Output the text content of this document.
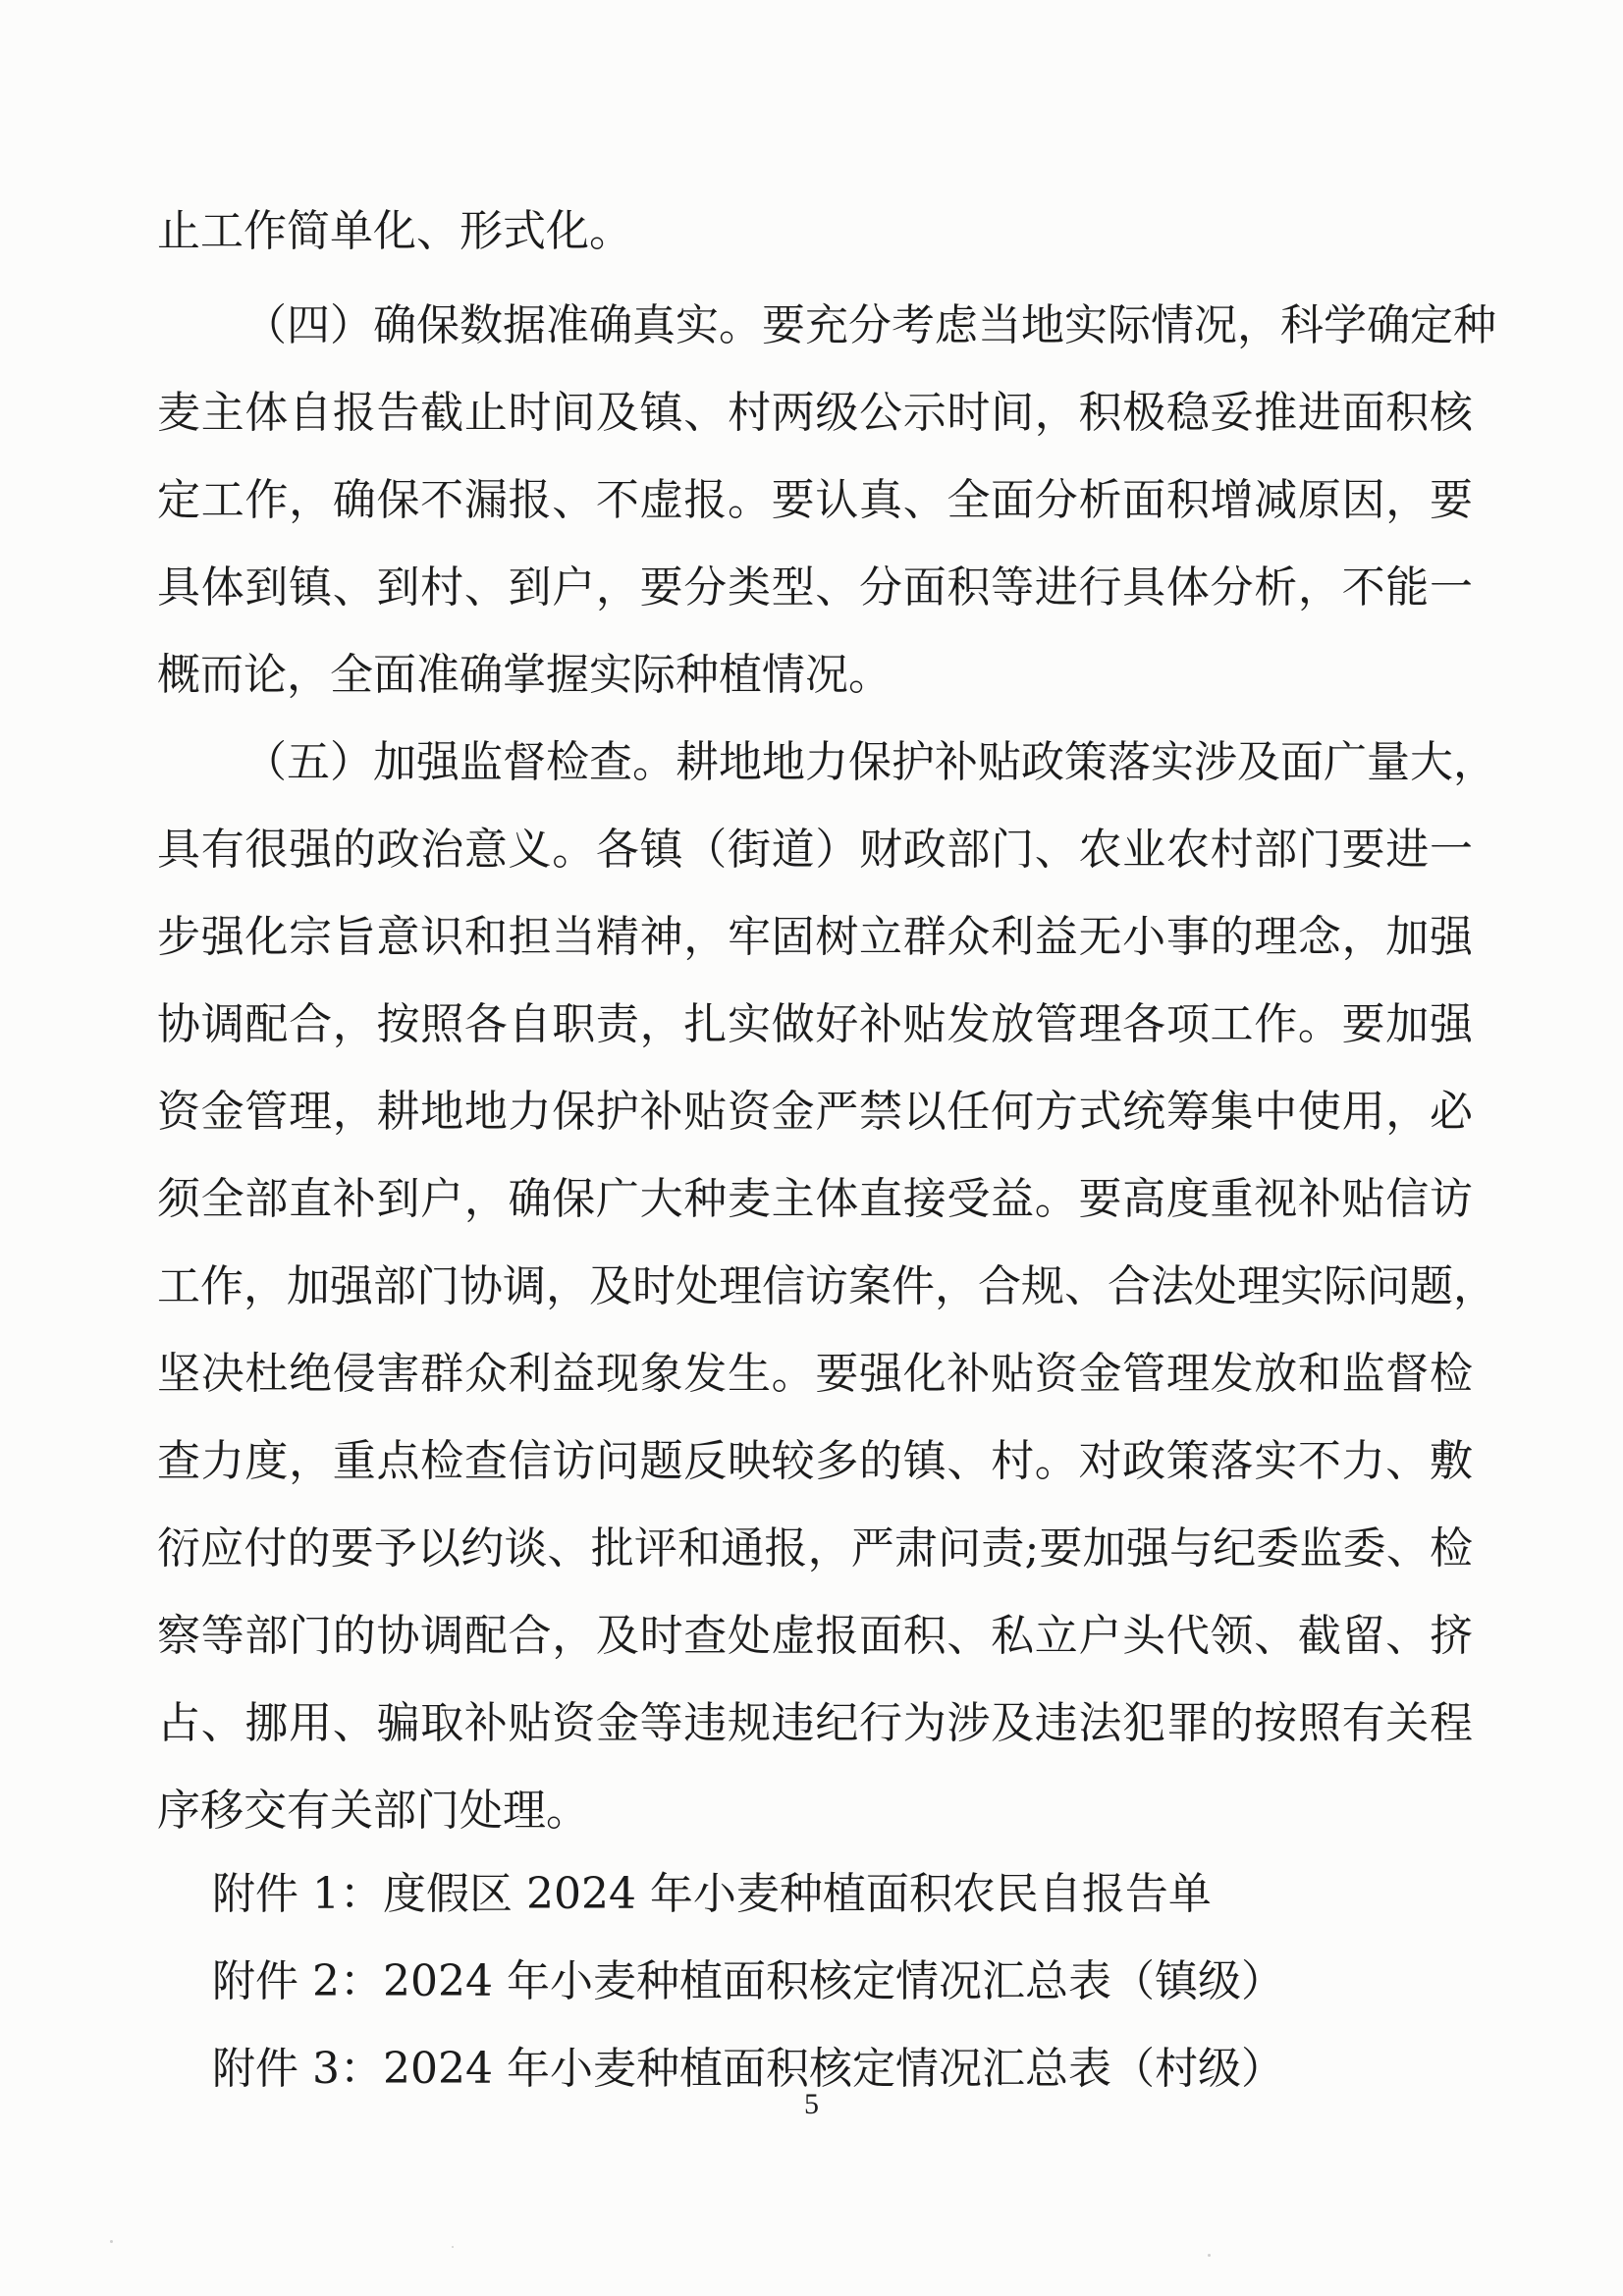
止工作简单化、形式化。
（四）确保数据准确真实。要充分考虑当地实际情况，科学确定种
麦主体自报告截止时间及镇、村两级公示时间，积极稳妥推进面积核
定工作，确保不漏报、不虚报。要认真、全面分析面积增减原因，要
具体到镇、到村、到户，要分类型、分面积等进行具体分析，不能一
概而论，全面准确掌握实际种植情况。
（五）加强监督检查。耕地地力保护补贴政策落实涉及面广量大，
具有很强的政治意义。各镇（街道）财政部门、农业农村部门要进一
步强化宗旨意识和担当精神，牢固树立群众利益无小事的理念，加强
协调配合，按照各自职责，扎实做好补贴发放管理各项工作。要加强
资金管理，耕地地力保护补贴资金严禁以任何方式统筹集中使用，必
须全部直补到户，确保广大种麦主体直接受益。要高度重视补贴信访
工作，加强部门协调，及时处理信访案件，合规、合法处理实际问题，
坚决杜绝侵害群众利益现象发生。要强化补贴资金管理发放和监督检
查力度，重点检查信访问题反映较多的镇、村。对政策落实不力、敷
衍应付的要予以约谈、批评和通报，严肃问责;要加强与纪委监委、检
察等部门的协调配合，及时查处虚报面积、私立户头代领、截留、挤
占、挪用、骗取补贴资金等违规违纪行为涉及违法犯罪的按照有关程
序移交有关部门处理。
附件 1：度假区 2024 年小麦种植面积农民自报告单
附件 2：2024 年小麦种植面积核定情况汇总表（镇级）
附件 3：2024 年小麦种植面积核定情况汇总表（村级）
5
